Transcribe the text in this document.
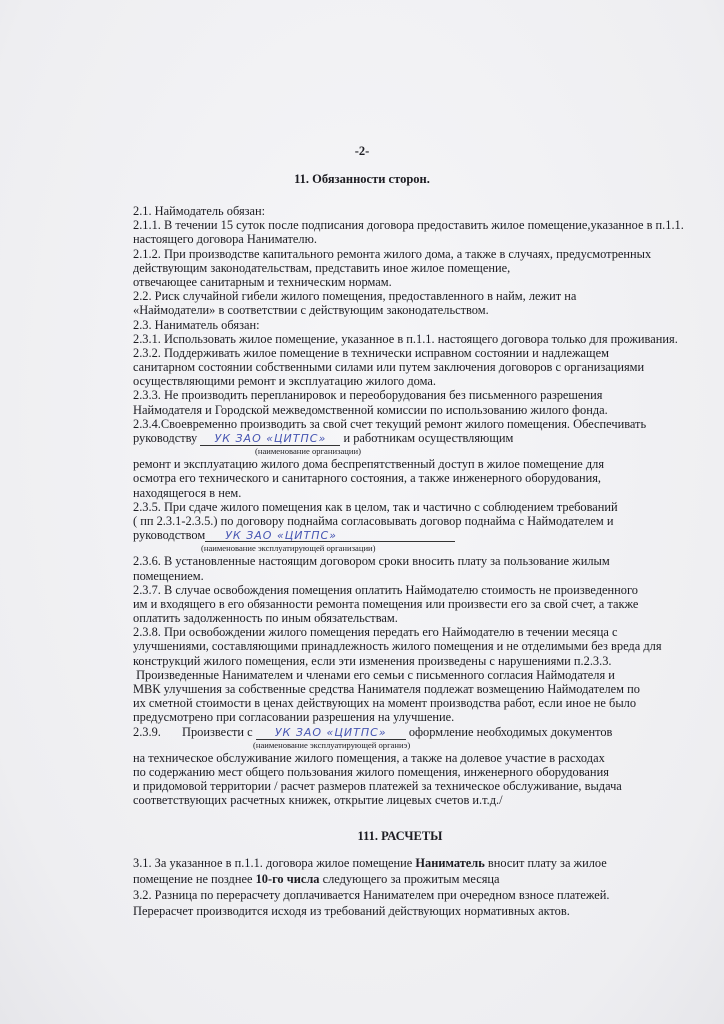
-2-
11. Обязанности сторон.
2.1. Наймодатель обязан:
2.1.1. В течении 15 суток после подписания договора предоставить жилое помещение,указанное в п.1.1.
настоящего договора Нанимателю.
2.1.2. При производстве капитального ремонта жилого дома, а также в случаях, предусмотренных
действующим законодательствам, представить иное жилое помещение,
отвечающее санитарным и техническим нормам.
2.2. Риск случайной гибели жилого помещения, предоставленного в найм, лежит на
«Наймодатели» в соответствии с действующим законодательством.
2.3. Наниматель обязан:
2.3.1. Использовать жилое помещение, указанное в п.1.1. настоящего договора только для проживания.
2.3.2. Поддерживать жилое помещение в технически исправном состоянии и надлежащем
санитарном состоянии собственными силами или путем заключения договоров с организациями
осуществляющими ремонт и эксплуатацию жилого дома.
2.3.3. Не производить перепланировок и переоборудования без письменного разрешения
Наймодателя и Городской межведомственной комиссии по использованию жилого фонда.
2.3.4.Своевременно производить за свой счет текущий ремонт жилого помещения. Обеспечивать
руководству УК ЗАО «ЦИТПС» и работникам осуществляющим
(наименование организации)
ремонт и эксплуатацию жилого дома беспрепятственный доступ в жилое помещение для
осмотра его технического и санитарного состояния, а также инженерного оборудования,
находящегося в нем.
2.3.5. При сдаче жилого помещения как в целом, так и частично с соблюдением требований
( пп 2.3.1-2.3.5.) по договору поднайма согласовывать договор поднайма с Наймодателем и
руководством УК ЗАО «ЦИТПС»
(наименование эксплуатирующей организации)
2.3.6. В установленные настоящим договором сроки вносить плату за пользование жилым
помещением.
2.3.7. В случае освобождения помещения оплатить Наймодателю стоимость не произведенного
им и входящего в его обязанности ремонта помещения или произвести его за свой счет, а также
оплатить задолженность по иным обязательствам.
2.3.8. При освобождении жилого помещения передать его Наймодателю в течении месяца с
улучшениями, составляющими принадлежность жилого помещения и не отделимыми без вреда для
конструкций жилого помещения, если эти изменения произведены с нарушениями п.2.3.3.
Произведенные Нанимателем и членами его семьи с письменного согласия Наймодателя и
МВК улучшения за собственные средства Нанимателя подлежат возмещению Наймодателем по
их сметной стоимости в ценах действующих на момент производства работ, если иное не было
предусмотрено при согласовании разрешения на улучшение.
2.3.9. Произвести с УК ЗАО «ЦИТПС» оформление необходимых документов
(наименование эксплуатирующей органиэ)
на техническое обслуживание жилого помещения, а также на долевое участие в расходах
по содержанию мест общего пользования жилого помещения, инженерного оборудования
и придомовой территории / расчет размеров платежей за техническое обслуживание, выдача
соответствующих расчетных книжек, открытие лицевых счетов и.т.д./
111. РАСЧЕТЫ
3.1. За указанное в п.1.1. договора жилое помещение Наниматель вносит плату за жилое
помещение не позднее 10-го числа следующего за прожитым месяца
3.2. Разница по перерасчету доплачивается Нанимателем при очередном взносе платежей.
Перерасчет производится исходя из требований действующих нормативных актов.
